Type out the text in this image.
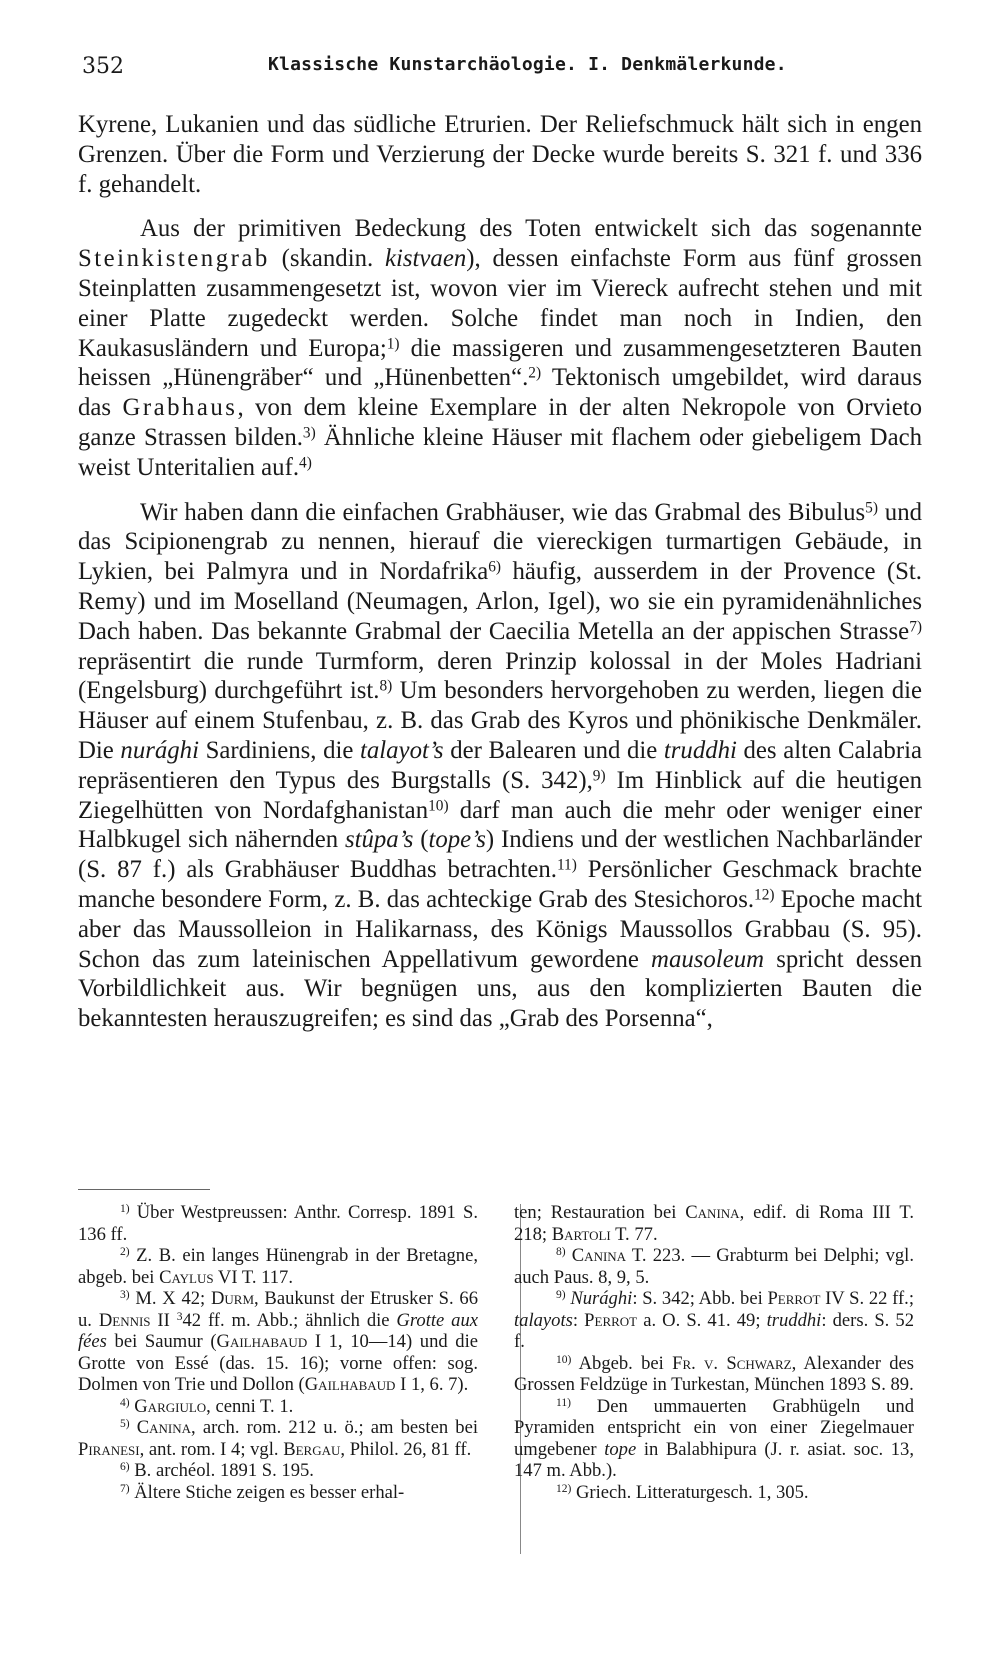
352	Klassische Kunstarchäologie. I. Denkmälerkunde.

Kyrene, Lukanien und das südliche Etrurien. Der Reliefschmuck hält sich in engen Grenzen. Über die Form und Verzierung der Decke wurde bereits S. 321 f. und 336 f. gehandelt.

Aus der primitiven Bedeckung des Toten entwickelt sich das sogenannte Steinkistengrab (skandin. kistvaen), dessen einfachste Form aus fünf grossen Steinplatten zusammengesetzt ist, wovon vier im Viereck aufrecht stehen und mit einer Platte zugedeckt werden. Solche findet man noch in Indien, den Kaukasusländern und Europa;$^{1)}$ die massigeren und zusammengesetzteren Bauten heissen „Hünengräber“ und „Hünenbetten“.$^{2)}$ Tektonisch umgebildet, wird daraus das Grabhaus, von dem kleine Exemplare in der alten Nekropole von Orvieto ganze Strassen bilden.$^{3)}$ Ähnliche kleine Häuser mit flachem oder giebeligem Dach weist Unteritalien auf.$^{4)}$

Wir haben dann die einfachen Grabhäuser, wie das Grabmal des Bibulus$^{5)}$ und das Scipionengrab zu nennen, hierauf die viereckigen turmartigen Gebäude, in Lykien, bei Palmyra und in Nordafrika$^{6)}$ häufig, ausserdem in der Provence (St. Remy) und im Moselland (Neumagen, Arlon, Igel), wo sie ein pyramidenähnliches Dach haben. Das bekannte Grabmal der Caecilia Metella an der appischen Strasse$^{7)}$ repräsentirt die runde Turmform, deren Prinzip kolossal in der Moles Hadriani (Engelsburg) durchgeführt ist.$^{8)}$ Um besonders hervorgehoben zu werden, liegen die Häuser auf einem Stufenbau, z. B. das Grab des Kyros und phönikische Denkmäler. Die nurághi Sardiniens, die talayot’s der Balearen und die truddhi des alten Calabria repräsentieren den Typus des Burgstalls (S. 342),$^{9)}$ Im Hinblick auf die heutigen Ziegelhütten von Nordafghanistan$^{10)}$ darf man auch die mehr oder weniger einer Halbkugel sich nähernden stûpa’s (tope’s) Indiens und der westlichen Nachbarländer (S. 87 f.) als Grabhäuser Buddhas betrachten.$^{11)}$ Persönlicher Geschmack brachte manche besondere Form, z. B. das achteckige Grab des Stesichoros.$^{12)}$ Epoche macht aber das Maussolleion in Halikarnass, des Königs Maussollos Grabbau (S. 95). Schon das zum lateinischen Appellativum gewordene mausoleum spricht dessen Vorbildlichkeit aus. Wir begnügen uns, aus den komplizierten Bauten die bekanntesten herauszugreifen; es sind das „Grab des Porsenna“,

$^{1)}$ Über Westpreussen: Anthr. Corresp. 1891 S. 136 ff.

$^{2)}$ Z. B. ein langes Hünengrab in der Bretagne, abgeb. bei Caylus VI T. 117.

$^{3)}$ M. X 42; Durm, Baukunst der Etrusker S. 66 u. Dennis II $^3$42 ff. m. Abb.; ähnlich die Grotte aux fées bei Saumur (Gailhabaud I 1, 10—14) und die Grotte von Essé (das. 15. 16); vorne offen: sog. Dolmen von Trie und Dollon (Gailhabaud I 1, 6. 7).

$^{4)}$ Gargiulo, cenni T. 1.

$^{5)}$ Canina, arch. rom. 212 u. ö.; am besten bei Piranesi, ant. rom. I 4; vgl. Bergau, Philol. 26, 81 ff.

$^{6)}$ B. archéol. 1891 S. 195.

$^{7)}$ Ältere Stiche zeigen es besser erhal-

ten; Restauration bei Canina, edif. di Roma III T. 218; Bartoli T. 77.

$^{8)}$ Canina T. 223. — Grabturm bei Delphi; vgl. auch Paus. 8, 9, 5.

$^{9)}$ Nurághi: S. 342; Abb. bei Perrot IV S. 22 ff.; talayots: Perrot a. O. S. 41. 49; truddhi: ders. S. 52 f.

$^{10)}$ Abgeb. bei Fr. v. Schwarz, Alexander des Grossen Feldzüge in Turkestan, München 1893 S. 89.

$^{11)}$ Den ummauerten Grabhügeln und Pyramiden entspricht ein von einer Ziegelmauer umgebener tope in Balabhipura (J. r. asiat. soc. 13, 147 m. Abb.).

$^{12)}$ Griech. Litteraturgesch. 1, 305.
